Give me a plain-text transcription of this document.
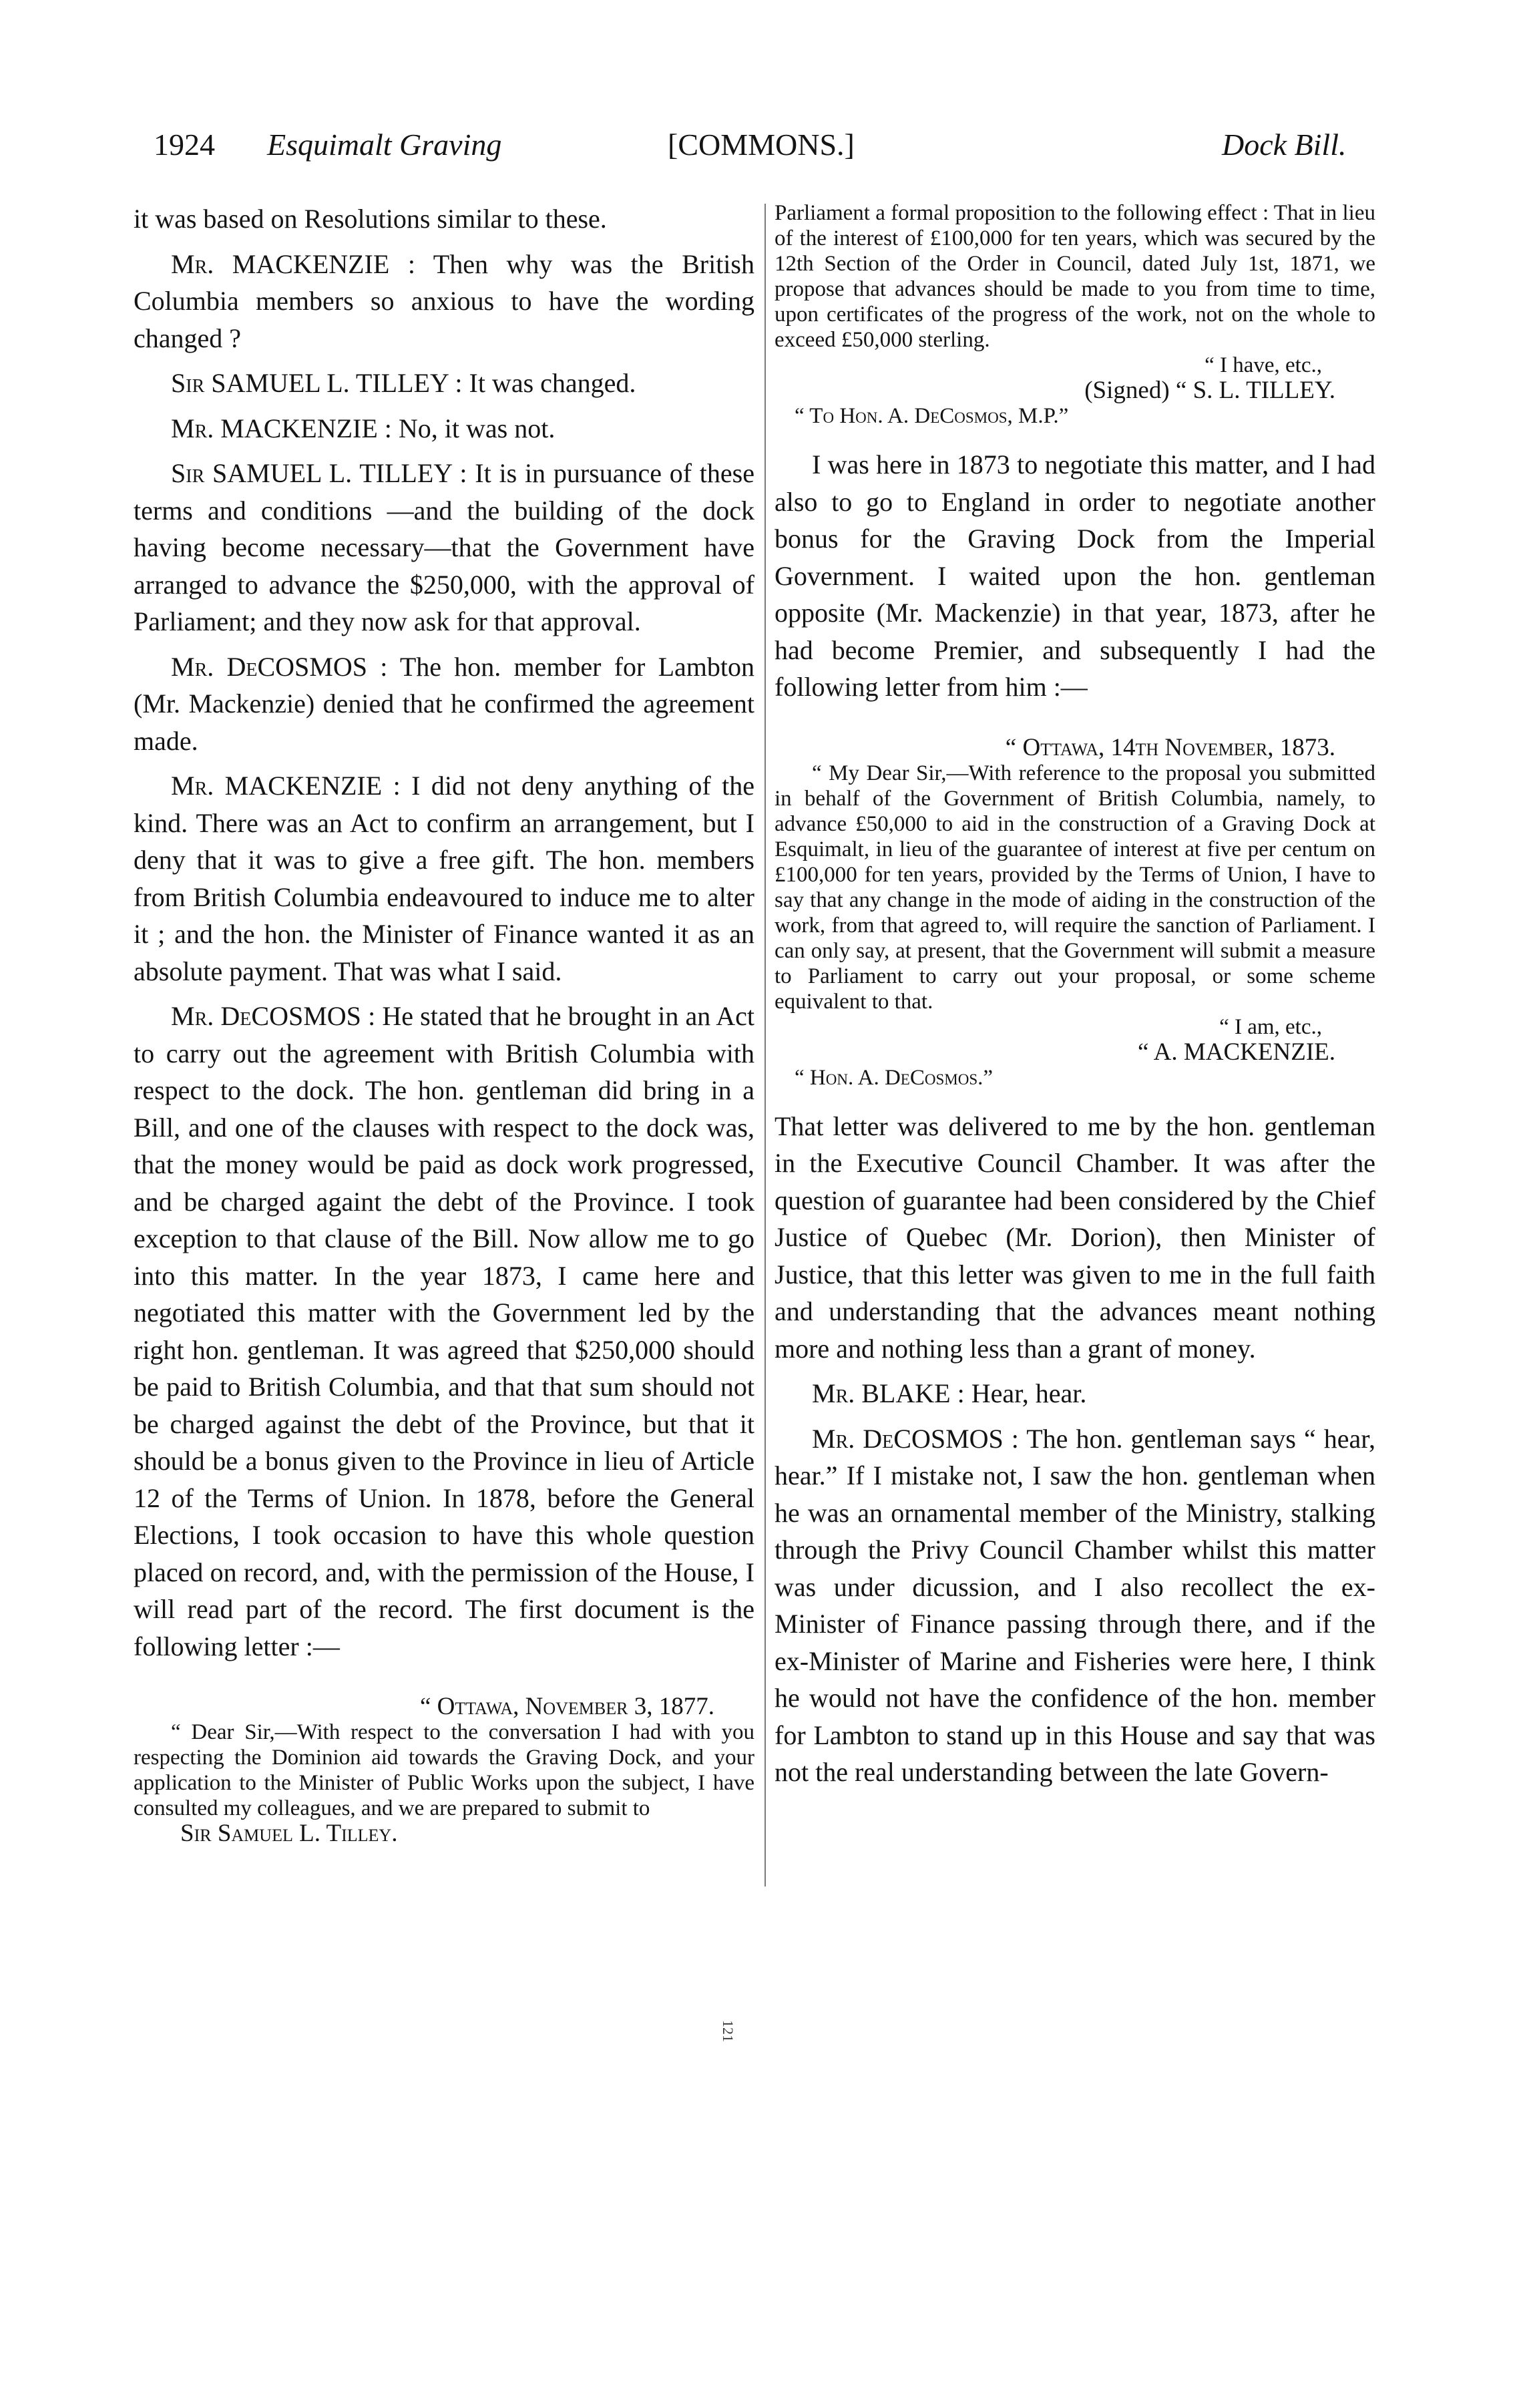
1924 Esquimalt Graving	[COMMONS.]	Dock Bill.

it was based on Resolutions similar to these.

Mr. MACKENZIE : Then why was the British Columbia members so anxious to have the wording changed ?

Sir SAMUEL L. TILLEY : It was changed.

Mr. MACKENZIE : No, it was not.

Sir SAMUEL L. TILLEY : It is in pursuance of these terms and conditions —and the building of the dock having become necessary—that the Government have arranged to advance the $250,000, with the approval of Parliament; and they now ask for that approval.

Mr. DeCOSMOS : The hon. member for Lambton (Mr. Mackenzie) denied that he confirmed the agreement made.

Mr. MACKENZIE : I did not deny anything of the kind. There was an Act to confirm an arrangement, but I deny that it was to give a free gift. The hon. members from British Columbia endeavoured to induce me to alter it ; and the hon. the Minister of Finance wanted it as an absolute payment. That was what I said.

Mr. DeCOSMOS : He stated that he brought in an Act to carry out the agreement with British Columbia with respect to the dock. The hon. gentleman did bring in a Bill, and one of the clauses with respect to the dock was, that the money would be paid as dock work progressed, and be charged againt the debt of the Province. I took exception to that clause of the Bill. Now allow me to go into this matter. In the year 1873, I came here and negotiated this matter with the Government led by the right hon. gentleman. It was agreed that $250,000 should be paid to British Columbia, and that that sum should not be charged against the debt of the Province, but that it should be a bonus given to the Province in lieu of Article 12 of the Terms of Union. In 1878, before the General Elections, I took occasion to have this whole question placed on record, and, with the permission of the House, I will read part of the record. The first document is the following letter :—

“ Ottawa, November 3, 1877.

“ Dear Sir,—With respect to the conversation I had with you respecting the Dominion aid towards the Graving Dock, and your application to the Minister of Public Works upon the subject, I have consulted my colleagues, and we are prepared to submit to

Sir Samuel L. Tilley.

Parliament a formal proposition to the following effect : That in lieu of the interest of £100,000 for ten years, which was secured by the 12th Section of the Order in Council, dated July 1st, 1871, we propose that advances should be made to you from time to time, upon certificates of the progress of the work, not on the whole to exceed £50,000 sterling.

“ I have, etc.,

(Signed) “ S. L. TILLEY.

“ To Hon. A. DeCosmos, M.P.”

I was here in 1873 to negotiate this matter, and I had also to go to England in order to negotiate another bonus for the Graving Dock from the Imperial Government. I waited upon the hon. gentleman opposite (Mr. Mackenzie) in that year, 1873, after he had become Premier, and subsequently I had the following letter from him :—

“ Ottawa, 14th November, 1873.

“ My Dear Sir,—With reference to the proposal you submitted in behalf of the Government of British Columbia, namely, to advance £50,000 to aid in the construction of a Graving Dock at Esquimalt, in lieu of the guarantee of interest at five per centum on £100,000 for ten years, provided by the Terms of Union, I have to say that any change in the mode of aiding in the construction of the work, from that agreed to, will require the sanction of Parliament. I can only say, at present, that the Government will submit a measure to Parliament to carry out your proposal, or some scheme equivalent to that.

“ I am, etc.,

“ A. MACKENZIE.

“ Hon. A. DeCosmos.”

That letter was delivered to me by the hon. gentleman in the Executive Council Chamber. It was after the question of guarantee had been considered by the Chief Justice of Quebec (Mr. Dorion), then Minister of Justice, that this letter was given to me in the full faith and understanding that the advances meant nothing more and nothing less than a grant of money.

Mr. BLAKE : Hear, hear.

Mr. DeCOSMOS : The hon. gentleman says “ hear, hear.” If I mistake not, I saw the hon. gentleman when he was an ornamental member of the Ministry, stalking through the Privy Council Chamber whilst this matter was under dicussion, and I also recollect the ex-Minister of Finance passing through there, and if the ex-Minister of Marine and Fisheries were here, I think he would not have the confidence of the hon. member for Lambton to stand up in this House and say that was not the real understanding between the late Govern-

121
